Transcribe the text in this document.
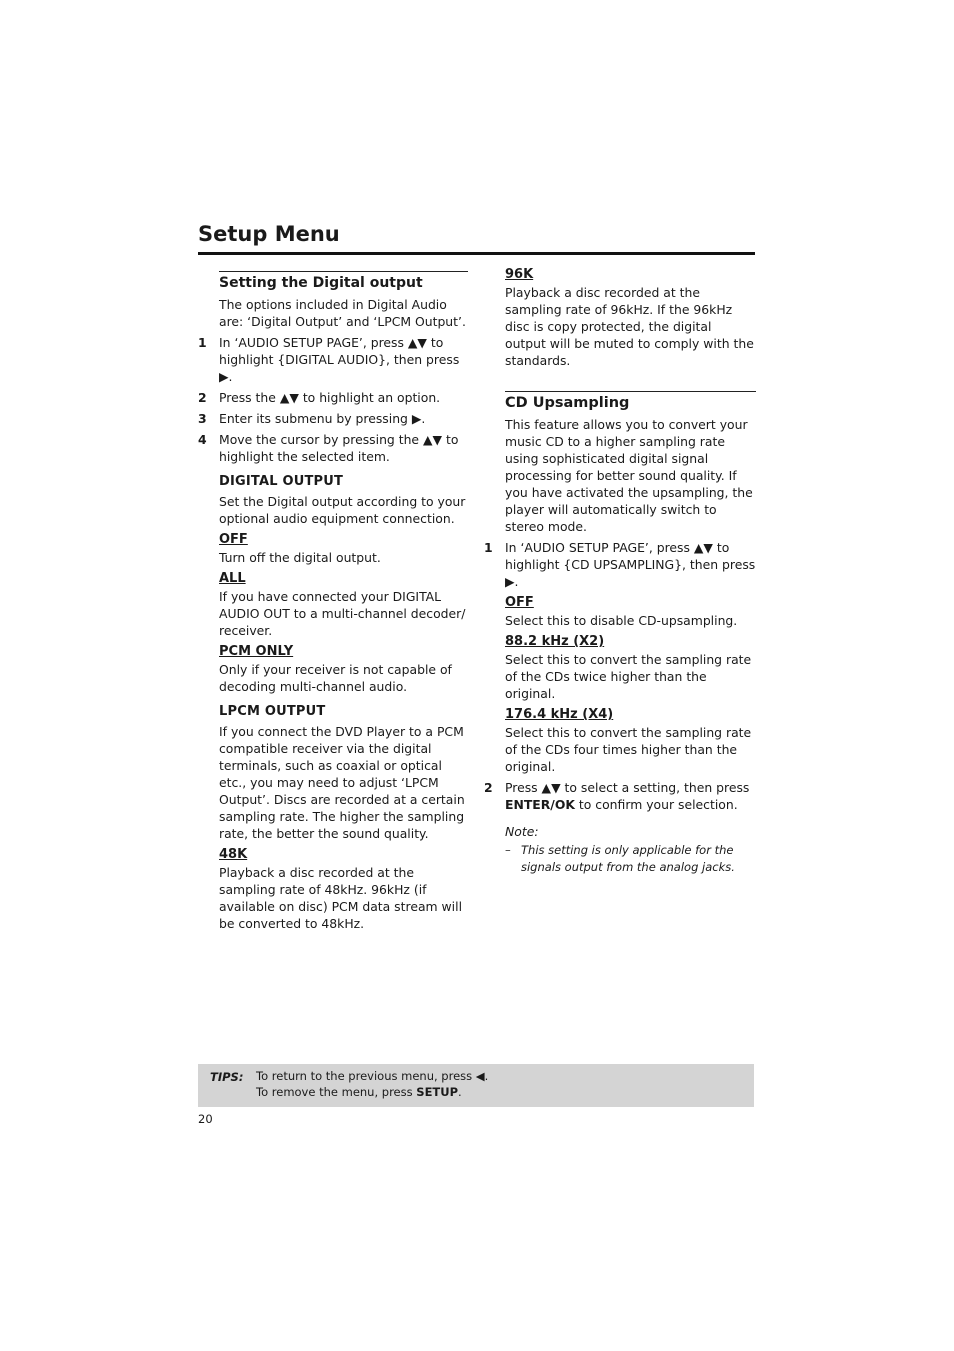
Setup Menu
Setting the Digital output
The options included in Digital Audio are: ‘Digital Output’ and ‘LPCM Output’.
1 In ‘AUDIO SETUP PAGE’, press ▲▼ to highlight {DIGITAL AUDIO}, then press ▶.
2 Press the ▲▼ to highlight an option.
3 Enter its submenu by pressing ▶.
4 Move the cursor by pressing the ▲▼ to highlight the selected item.
DIGITAL OUTPUT
Set the Digital output according to your optional audio equipment connection.
OFF
Turn off the digital output.
ALL
If you have connected your DIGITAL AUDIO OUT to a multi-channel decoder/ receiver.
PCM ONLY
Only if your receiver is not capable of decoding multi-channel audio.
LPCM OUTPUT
If you connect the DVD Player to a PCM compatible receiver via the digital terminals, such as coaxial or optical etc., you may need to adjust ‘LPCM Output’. Discs are recorded at a certain sampling rate. The higher the sampling rate, the better the sound quality.
48K
Playback a disc recorded at the sampling rate of 48kHz. 96kHz (if available on disc) PCM data stream will be converted to 48kHz.
96K
Playback a disc recorded at the sampling rate of 96kHz. If the 96kHz disc is copy protected, the digital output will be muted to comply with the standards.
CD Upsampling
This feature allows you to convert your music CD to a higher sampling rate using sophisticated digital signal processing for better sound quality. If you have activated the upsampling, the player will automatically switch to stereo mode.
1 In ‘AUDIO SETUP PAGE’, press ▲▼ to highlight {CD UPSAMPLING}, then press ▶.
OFF
Select this to disable CD-upsampling.
88.2 kHz (X2)
Select this to convert the sampling rate of the CDs twice higher than the original.
176.4 kHz (X4)
Select this to convert the sampling rate of the CDs four times higher than the original.
2 Press ▲▼ to select a setting, then press ENTER/OK to confirm your selection.
Note:
– This setting is only applicable for the signals output from the analog jacks.
TIPS: To return to the previous menu, press ◀.
To remove the menu, press SETUP.
20
